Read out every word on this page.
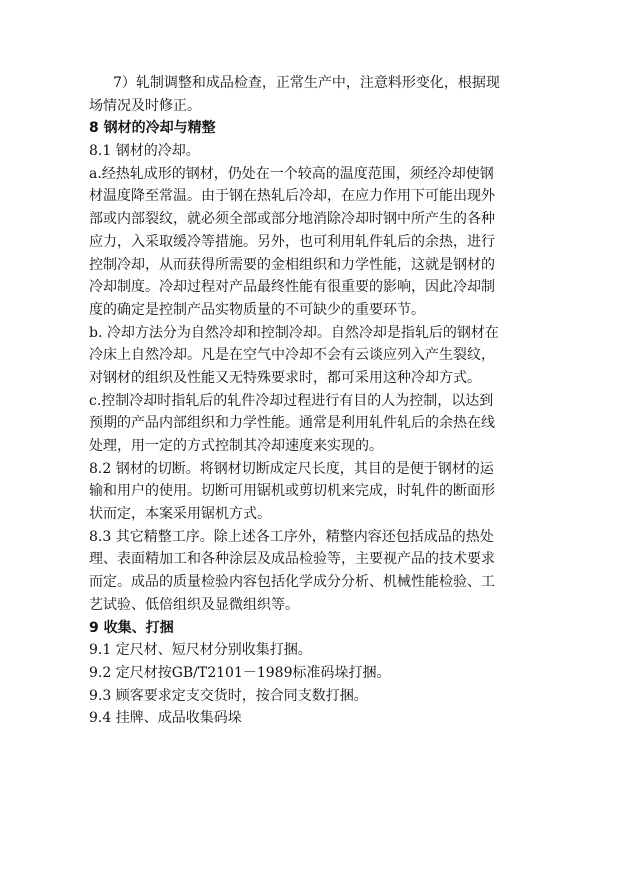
7）轧制调整和成品检查，正常生产中，注意料形变化，根据现
场情况及时修正。
8 钢材的冷却与精整
8.1 钢材的冷却。
a.经热轧成形的钢材，仍处在一个较高的温度范围，须经冷却使钢
材温度降至常温。由于钢在热轧后冷却，在应力作用下可能出现外
部或内部裂纹，就必须全部或部分地消除冷却时钢中所产生的各种
应力，入采取缓冷等措施。另外，也可利用轧件轧后的余热，进行
控制冷却，从而获得所需要的金相组织和力学性能，这就是钢材的
冷却制度。冷却过程对产品最终性能有很重要的影响，因此冷却制
度的确定是控制产品实物质量的不可缺少的重要环节。
b. 冷却方法分为自然冷却和控制冷却。自然冷却是指轧后的钢材在
冷床上自然冷却。凡是在空气中冷却不会有云谈应列入产生裂纹，
对钢材的组织及性能又无特殊要求时，都可采用这种冷却方式。
c.控制冷却时指轧后的轧件冷却过程进行有目的人为控制，以达到
预期的产品内部组织和力学性能。通常是利用轧件轧后的余热在线
处理，用一定的方式控制其冷却速度来实现的。
8.2 钢材的切断。将钢材切断成定尺长度，其目的是便于钢材的运
输和用户的使用。切断可用锯机或剪切机来完成，时轧件的断面形
状而定，本案采用锯机方式。
8.3 其它精整工序。除上述各工序外，精整内容还包括成品的热处
理、表面精加工和各种涂层及成品检验等，主要视产品的技术要求
而定。成品的质量检验内容包括化学成分分析、机械性能检验、工
艺试验、低倍组织及显微组织等。
9 收集、打捆
9.1 定尺材、短尺材分别收集打捆。
9.2 定尺材按GB/T2101－1989标准码垛打捆。
9.3 顾客要求定支交货时，按合同支数打捆。
9.4 挂牌、成品收集码垛
